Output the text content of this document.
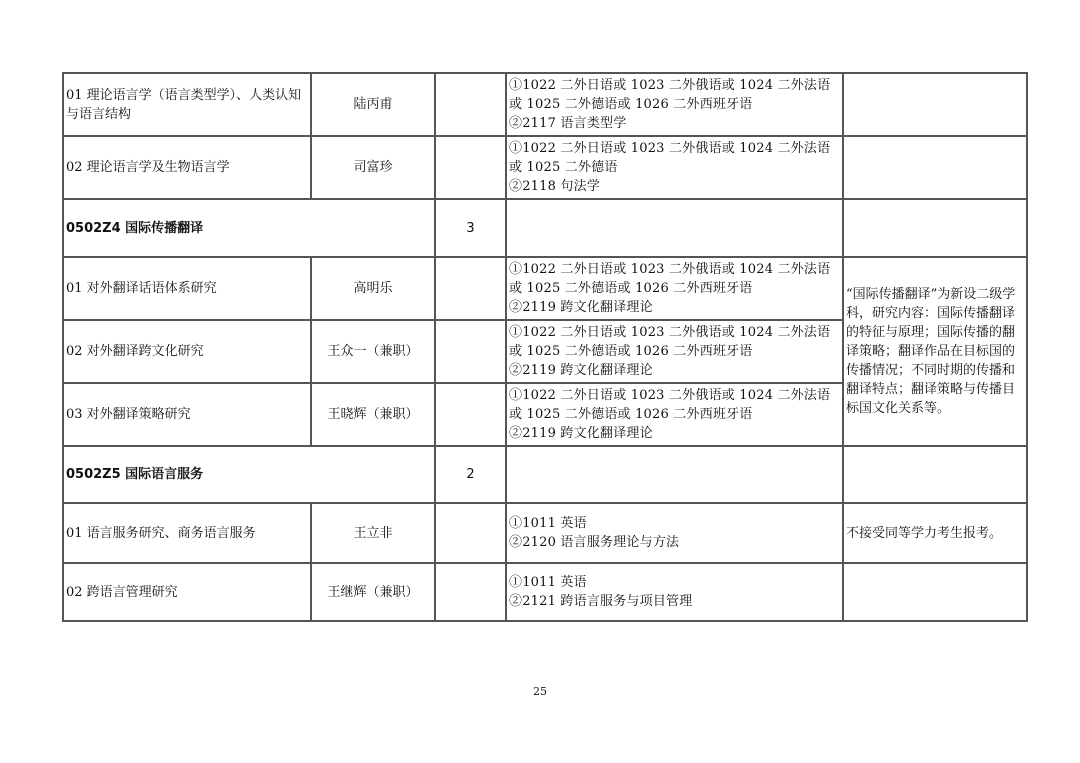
01 理论语言学（语言类型学）、人类认知与语言结构	陆丙甫		①1022 二外日语或 1023 二外俄语或 1024 二外法语
或 1025 二外德语或 1026 二外西班牙语
②2117 语言类型学	

02 理论语言学及生物语言学	司富珍		①1022 二外日语或 1023 二外俄语或 1024 二外法语
或 1025 二外德语
②2118 句法学	

0502Z4 国际传播翻译		3		
01 对外翻译话语体系研究	高明乐		①1022 二外日语或 1023 二外俄语或 1024 二外法语
或 1025 二外德语或 1026 二外西班牙语
②2119 跨文化翻译理论	“国际传播翻译”为新设二级学科，研究内容：国际传播翻译的特征与原理；国际传播的翻译策略；翻译作品在目标国的传播情况；不同时期的传播和翻译特点；翻译策略与传播目标国文化关系等。
02 对外翻译跨文化研究	王众一（兼职）		①1022 二外日语或 1023 二外俄语或 1024 二外法语
或 1025 二外德语或 1026 二外西班牙语
②2119 跨文化翻译理论	

03 对外翻译策略研究	王晓辉（兼职）		①1022 二外日语或 1023 二外俄语或 1024 二外法语
或 1025 二外德语或 1026 二外西班牙语
②2119 跨文化翻译理论	

0502Z5 国际语言服务		2		
01 语言服务研究、商务语言服务	王立非		①1011 英语
②2120 语言服务理论与方法	不接受同等学力考生报考。
02 跨语言管理研究	王继辉（兼职）		①1011 英语
②2121 跨语言服务与项目管理	

25
